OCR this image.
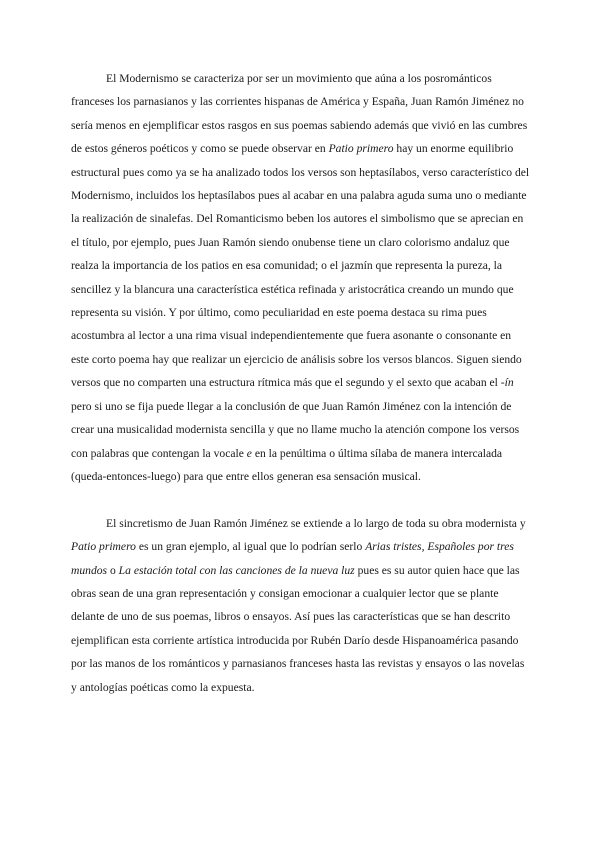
El Modernismo se caracteriza por ser un movimiento que aúna a los posrománticos franceses los parnasianos y las corrientes hispanas de América y España, Juan Ramón Jiménez no sería menos en ejemplificar estos rasgos en sus poemas sabiendo además que vivió en las cumbres de estos géneros poéticos y como se puede observar en Patio primero hay un enorme equilibrio estructural pues como ya se ha analizado todos los versos son heptasílabos, verso característico del Modernismo, incluidos los heptasílabos pues al acabar en una palabra aguda suma uno o mediante la realización de sinalefas. Del Romanticismo beben los autores el simbolismo que se aprecian en el título, por ejemplo, pues Juan Ramón siendo onubense tiene un claro colorismo andaluz que realza la importancia de los patios en esa comunidad; o el jazmín que representa la pureza, la sencillez y la blancura una característica estética refinada y aristocrática creando un mundo que representa su visión. Y por último, como peculiaridad en este poema destaca su rima pues acostumbra al lector a una rima visual independientemente que fuera asonante o consonante en este corto poema hay que realizar un ejercicio de análisis sobre los versos blancos. Siguen siendo versos que no comparten una estructura rítmica más que el segundo y el sexto que acaban el -ín pero si uno se fija puede llegar a la conclusión de que Juan Ramón Jiménez con la intención de crear una musicalidad modernista sencilla y que no llame mucho la atención compone los versos con palabras que contengan la vocale e en la penúltima o última sílaba de manera intercalada (queda-entonces-luego) para que entre ellos generan esa sensación musical.

El sincretismo de Juan Ramón Jiménez se extiende a lo largo de toda su obra modernista y Patio primero es un gran ejemplo, al igual que lo podrían serlo Arias tristes, Españoles por tres mundos o La estación total con las canciones de la nueva luz pues es su autor quien hace que las obras sean de una gran representación y consigan emocionar a cualquier lector que se plante delante de uno de sus poemas, libros o ensayos. Así pues las características que se han descrito ejemplifican esta corriente artística introducida por Rubén Darío desde Hispanoamérica pasando por las manos de los románticos y parnasianos franceses hasta las revistas y ensayos o las novelas y antologías poéticas como la expuesta.
